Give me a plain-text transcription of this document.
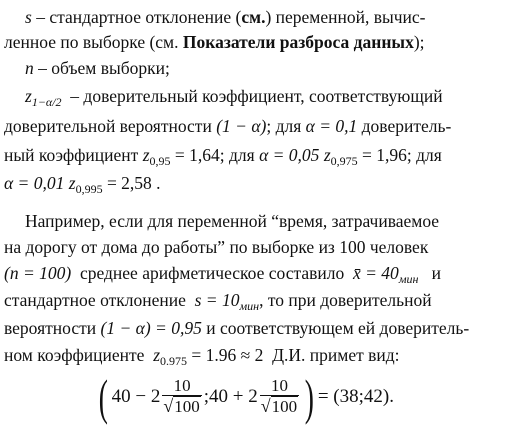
s – стандартное отклонение (см.) переменной, вычис-
ленное по выборке (см. Показатели разброса данных);
n – объем выборки;
$z_{1-\alpha/2}$ – доверительный коэффициент, соответствующий
доверительной вероятности (1 − α); для α = 0,1 доверитель-
ный коэффициент $z_{0,95} = 1,64$; для α = 0,05 $z_{0,975} = 1,96$; для
α = 0,01 $z_{0,995} = 2,58$ .
Например, если для переменной “время, затрачиваемое
на дорогу от дома до работы” по выборке из 100 человек
(n = 100) среднее арифметическое составило x̄ = $40_{мин}$ и
стандартное отклонение $s = 10_{мин}$, то при доверительной
вероятности (1 − α) = 0,95 и соответствующем ей доверитель-
ном коэффициенте $z_{0.975} = 1.96 \approx 2$ Д.И. примет вид:
( $40 - 2 \frac{10}{√100}$ ;40 + $2 \frac{10}{√100}$ ) = (38;42).
